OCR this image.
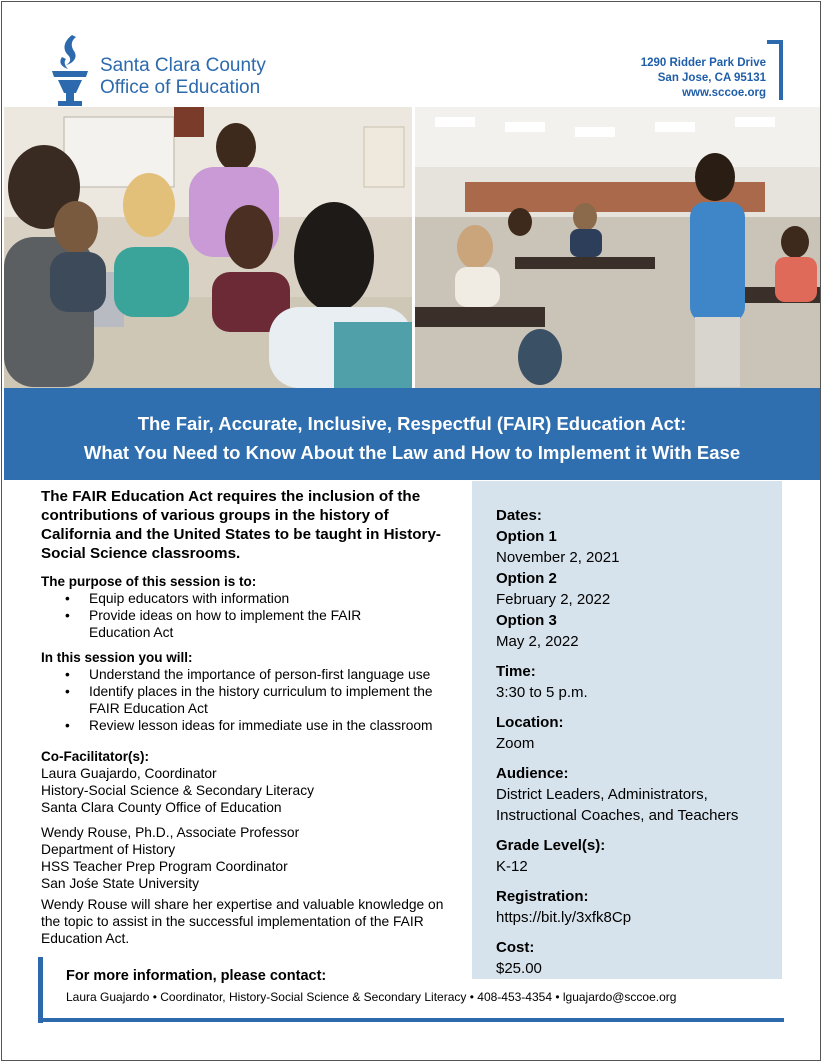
Santa Clara County
Office of Education
1290 Ridder Park Drive
San Jose, CA 95131
www.sccoe.org
The Fair, Accurate, Inclusive, Respectful (FAIR) Education Act:
What You Need to Know About the Law and How to Implement it With Ease

The FAIR Education Act requires the inclusion of the contributions of various groups in the history of California and the United States to be taught in History-Social Science classrooms.

The purpose of this session is to:
• Equip educators with information
• Provide ideas on how to implement the FAIR Education Act
In this session you will:
• Understand the importance of person-first language use
• Identify places in the history curriculum to implement the FAIR Education Act
• Review lesson ideas for immediate use in the classroom
Co-Facilitator(s):
Laura Guajardo, Coordinator
History-Social Science & Secondary Literacy
Santa Clara County Office of Education
Wendy Rouse, Ph.D., Associate Professor
Department of History
HSS Teacher Prep Program Coordinator
San Jośe State University
Wendy Rouse will share her expertise and valuable knowledge on the topic to assist in the successful implementation of the FAIR Education Act.
Dates:
Option 1
November 2, 2021
Option 2
February 2, 2022
Option 3
May 2, 2022
Time:
3:30 to 5 p.m.
Location:
Zoom
Audience:
District Leaders, Administrators,
Instructional Coaches, and Teachers
Grade Level(s):
K-12
Registration:
https://bit.ly/3xfk8Cp
Cost:
$25.00
For more information, please contact:
Laura Guajardo • Coordinator, History-Social Science & Secondary Literacy • 408-453-4354 • lguajardo@sccoe.org
